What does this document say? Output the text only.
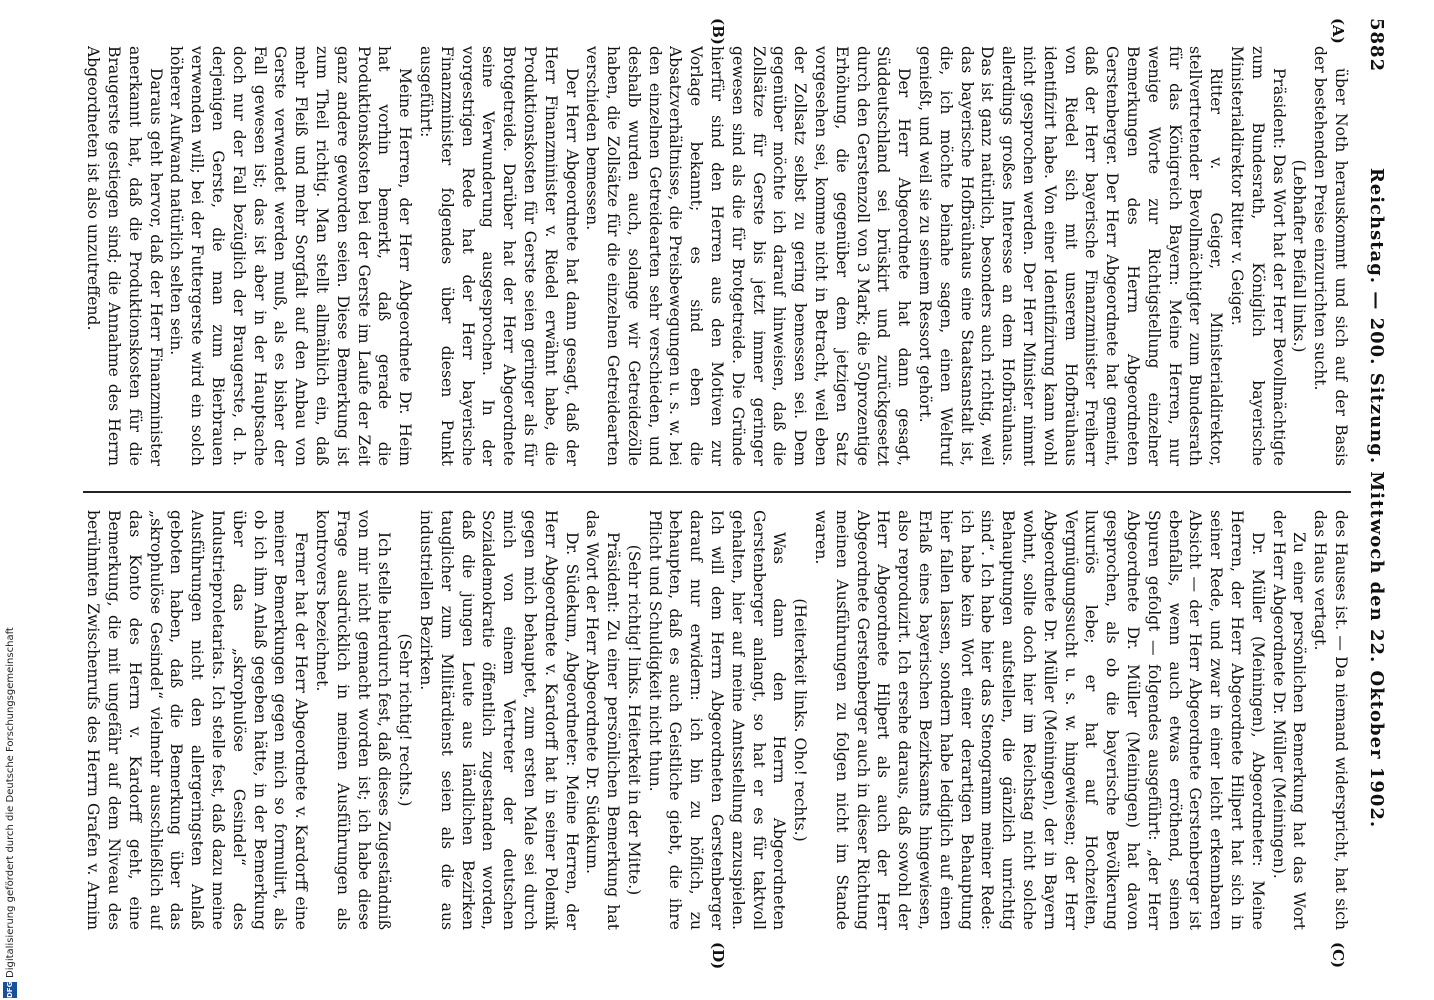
5882
Reichstag. — 200. Sitzung. Mittwoch den 22. Oktober 1902.
(A)
(B)
(C)
(D)

über Noth herauskommt und sich auf der Basis der bestehenden Preise einzurichten sucht.

(Lebhafter Beifall links.)

Präsident: Das Wort hat der Herr Bevollmächtigte zum Bundesrath, Königlich bayerische Ministerialdirektor Ritter v. Geiger.

Ritter v. Geiger, Ministerialdirektor, stellvertretender Bevollmächtigter zum Bundesrath für das Königreich Bayern: Meine Herren, nur wenige Worte zur Richtigstellung einzelner Bemerkungen des Herrn Abgeordneten Gerstenberger. Der Herr Abgeordnete hat gemeint, daß der Herr bayerische Finanzminister Freiherr von Riedel sich mit unserem Hofbräuhaus identifizirt habe. Von einer Identifizirung kann wohl nicht gesprochen werden. Der Herr Minister nimmt allerdings großes Interesse an dem Hofbräuhaus. Das ist ganz natürlich, besonders auch richtig, weil das bayerische Hofbräuhaus eine Staatsanstalt ist, die, ich möchte beinahe sagen, einen Weltruf genießt, und weil sie zu seinem Ressort gehört.

Der Herr Abgeordnete hat dann gesagt, Süddeutschland sei brüskirt und zurückgesetzt durch den Gerstenzoll von 3 Mark; die 50prozentige Erhöhung, die gegenüber dem jetzigen Satz vorgesehen sei, komme nicht in Betracht, weil eben der Zollsatz selbst zu gering bemessen sei. Dem gegenüber möchte ich darauf hinweisen, daß die Zollsätze für Gerste bis jetzt immer geringer gewesen sind als die für Brotgetreide. Die Gründe hierfür sind den Herren aus den Motiven zur Vorlage bekannt; es sind eben die Absatzverhältnisse, die Preisbewegungen u. s. w. bei den einzelnen Getreidearten sehr verschieden, und deshalb wurden auch, solange wir Getreidezölle haben, die Zollsätze für die einzelnen Getreidearten verschieden bemessen.

Der Herr Abgeordnete hat dann gesagt, daß der Herr Finanzminister v. Riedel erwähnt habe, die Produktionskosten für Gerste seien geringer als für Brotgetreide. Darüber hat der Herr Abgeordnete seine Verwunderung ausgesprochen. In der vorgestrigen Rede hat der Herr bayerische Finanzminister folgendes über diesen Punkt ausgeführt:

Meine Herren, der Herr Abgeordnete Dr. Heim hat vorhin bemerkt, daß gerade die Produktionskosten bei der Gerste im Laufe der Zeit ganz andere geworden seien. Diese Bemerkung ist zum Theil richtig. Man stellt allmählich ein, daß mehr Fleiß und mehr Sorgfalt auf den Anbau von Gerste verwendet werden muß, als es bisher der Fall gewesen ist; das ist aber in der Hauptsache doch nur der Fall bezüglich der Braugerste, d. h. derjenigen Gerste, die man zum Bierbrauen verwenden will; bei der Futtergerste wird ein solch höherer Aufwand natürlich selten sein.

Daraus geht hervor, daß der Herr Finanzminister anerkannt hat, daß die Produktionskosten für die Braugerste gestiegen sind; die Annahme des Herrn Abgeordneten ist also unzutreffend.

des Hauses ist. — Da niemand widerspricht, hat sich das Haus vertagt.

Zu einer persönlichen Bemerkung hat das Wort der Herr Abgeordnete Dr. Müller (Meiningen).

Dr. Müller (Meiningen), Abgeordneter: Meine Herren, der Herr Abgeordnete Hilpert hat sich in seiner Rede, und zwar in einer leicht erkennbaren Absicht — der Herr Abgeordnete Gerstenberger ist ebenfalls, wenn auch etwas erröthend, seinen Spuren gefolgt — folgendes ausgeführt: „der Herr Abgeordnete Dr. Müller (Meiningen) hat davon gesprochen, als ob die bayerische Bevölkerung luxuriös lebe; er hat auf Hochzeiten, Vergnügungssucht u. s. w. hingewiesen; der Herr Abgeordnete Dr. Müller (Meiningen), der in Bayern wohnt, sollte doch hier im Reichstag nicht solche Behauptungen aufstellen, die gänzlich unrichtig sind“. Ich habe hier das Stenogramm meiner Rede: ich habe kein Wort einer derartigen Behauptung hier fallen lassen, sondern habe lediglich auf einen Erlaß eines bayerischen Bezirksamts hingewiesen, also reproduzirt. Ich ersehe daraus, daß sowohl der Herr Abgeordnete Hilpert als auch der Herr Abgeordnete Gerstenberger auch in dieser Richtung meinen Ausführungen zu folgen nicht im Stande waren.

(Heiterkeit links. Oho! rechts.)

Was dann den Herrn Abgeordneten Gerstenberger anlangt, so hat er es für taktvoll gehalten, hier auf meine Amtsstellung anzuspielen. Ich will dem Herrn Abgeordneten Gerstenberger darauf nur erwidern: ich bin zu höflich, zu behaupten, daß es auch Geistliche giebt, die ihre Pflicht und Schuldigkeit nicht thun.

(Sehr richtig! links. Heiterkeit in der Mitte.)

Präsident: Zu einer persönlichen Bemerkung hat das Wort der Herr Abgeordnete Dr. Südekum.

Dr. Südekum, Abgeordneter: Meine Herren, der Herr Abgeordnete v. Kardorff hat in seiner Polemik gegen mich behauptet, zum ersten Male sei durch mich von einem Vertreter der deutschen Sozialdemokratie öffentlich zugestanden worden, daß die jungen Leute aus ländlichen Bezirken tauglicher zum Militärdienst seien als die aus industriellen Bezirken.

(Sehr richtig! rechts.)

Ich stelle hierdurch fest, daß dieses Zugeständniß von mir nicht gemacht worden ist; ich habe diese Frage ausdrücklich in meinen Ausführungen als kontrovers bezeichnet.

Ferner hat der Herr Abgeordnete v. Kardorff eine meiner Bemerkungen gegen mich so formulirt, als ob ich ihm Anlaß gegeben hätte, in der Bemerkung über das „skrophulöse Gesindel“ des Industrieproletariats. Ich stelle fest, daß dazu meine Ausführungen nicht den allergeringsten Anlaß geboten haben, daß die Bemerkung über das „skrophulöse Gesindel“ vielmehr ausschließlich auf das Konto des Herrn v. Kardorff geht, eine Bemerkung, die mit ungefähr auf dem Niveau des berühmten Zwischenrufs des Herrn Grafen v. Arnim

Digitalisierung gefördert durch die Deutsche Forschungsgemeinschaft
DFG
